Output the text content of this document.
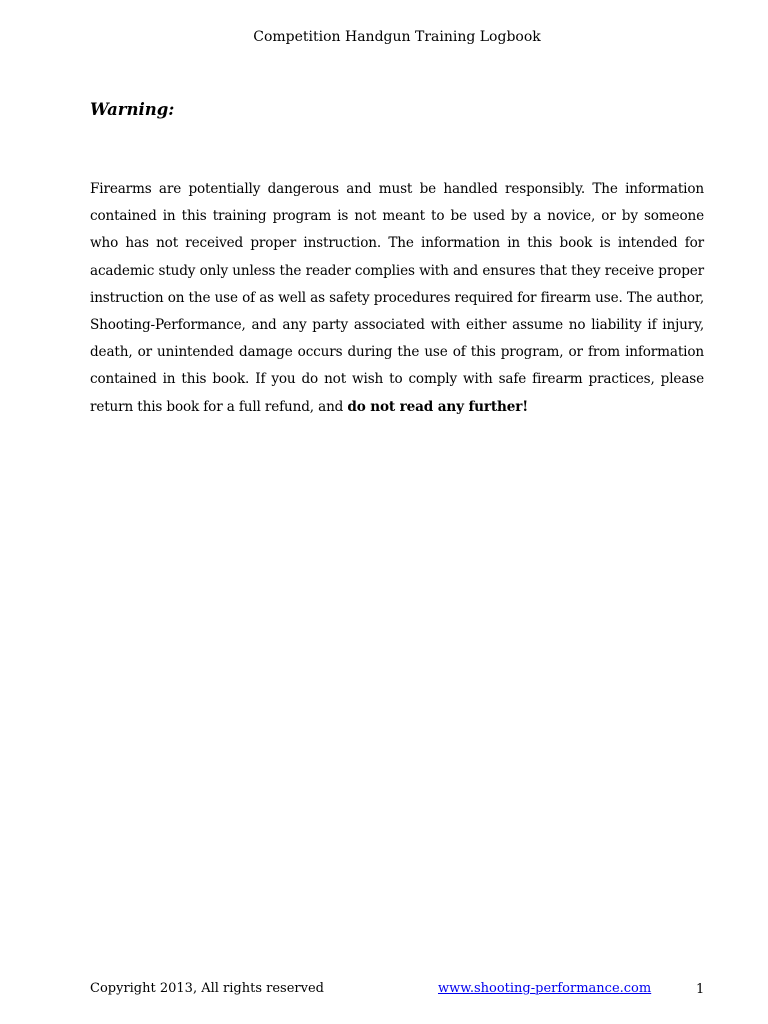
Competition Handgun Training Logbook
Warning:
Firearms are potentially dangerous and must be handled responsibly. The information contained in this training program is not meant to be used by a novice, or by someone who has not received proper instruction. The information in this book is intended for academic study only unless the reader complies with and ensures that they receive proper instruction on the use of as well as safety procedures required for firearm use. The author, Shooting-Performance, and any party associated with either assume no liability if injury, death, or unintended damage occurs during the use of this program, or from information contained in this book. If you do not wish to comply with safe firearm practices, please return this book for a full refund, and do not read any further!
Copyright 2013, All rights reserved	www.shooting-performance.com	1
